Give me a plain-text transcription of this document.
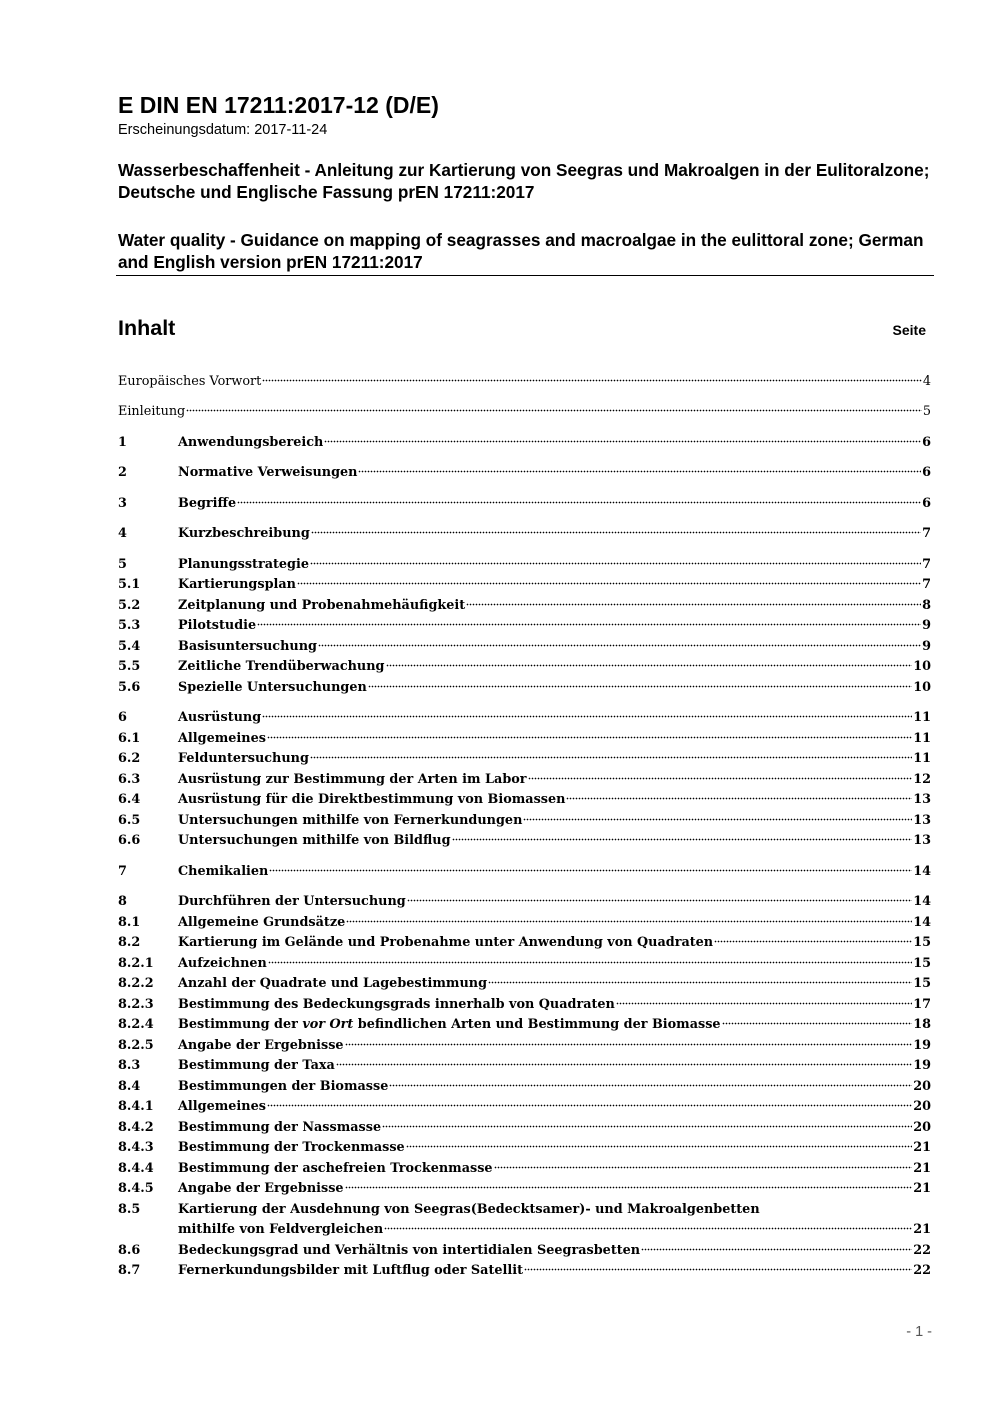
E DIN EN 17211:2017-12 (D/E)
Erscheinungsdatum: 2017-11-24
Wasserbeschaffenheit - Anleitung zur Kartierung von Seegras und Makroalgen in der Eulitoralzone; Deutsche und Englische Fassung prEN 17211:2017
Water quality - Guidance on mapping of seagrasses and macroalgae in the eulittoral zone; German and English version prEN 17211:2017
Inhalt	Seite
Europäisches Vorwort	4
Einleitung	5
1	Anwendungsbereich	6
2	Normative Verweisungen	6
3	Begriffe	6
4	Kurzbeschreibung	7
5	Planungsstrategie	7
5.1	Kartierungsplan	7
5.2	Zeitplanung und Probenahmehäufigkeit	8
5.3	Pilotstudie	9
5.4	Basisuntersuchung	9
5.5	Zeitliche Trendüberwachung	10
5.6	Spezielle Untersuchungen	10
6	Ausrüstung	11
6.1	Allgemeines	11
6.2	Felduntersuchung	11
6.3	Ausrüstung zur Bestimmung der Arten im Labor	12
6.4	Ausrüstung für die Direktbestimmung von Biomassen	13
6.5	Untersuchungen mithilfe von Fernerkundungen	13
6.6	Untersuchungen mithilfe von Bildflug	13
7	Chemikalien	14
8	Durchführen der Untersuchung	14
8.1	Allgemeine Grundsätze	14
8.2	Kartierung im Gelände und Probenahme unter Anwendung von Quadraten	15
8.2.1 Aufzeichnen	15
8.2.2 Anzahl der Quadrate und Lagebestimmung	15
8.2.3 Bestimmung des Bedeckungsgrads innerhalb von Quadraten	17
8.2.4 Bestimmung der vor Ort befindlichen Arten und Bestimmung der Biomasse	18
8.2.5 Angabe der Ergebnisse	19
8.3	Bestimmung der Taxa	19
8.4	Bestimmungen der Biomasse	20
8.4.1 Allgemeines	20
8.4.2 Bestimmung der Nassmasse	20
8.4.3 Bestimmung der Trockenmasse	21
8.4.4 Bestimmung der aschefreien Trockenmasse	21
8.4.5 Angabe der Ergebnisse	21
8.5	Kartierung der Ausdehnung von Seegras(Bedecktsamer)- und Makroalgenbetten
mithilfe von Feldvergleichen	21
8.6	Bedeckungsgrad und Verhältnis von intertidialen Seegrasbetten	22
8.7	Fernerkundungsbilder mit Luftflug oder Satellit	22
- 1 -
